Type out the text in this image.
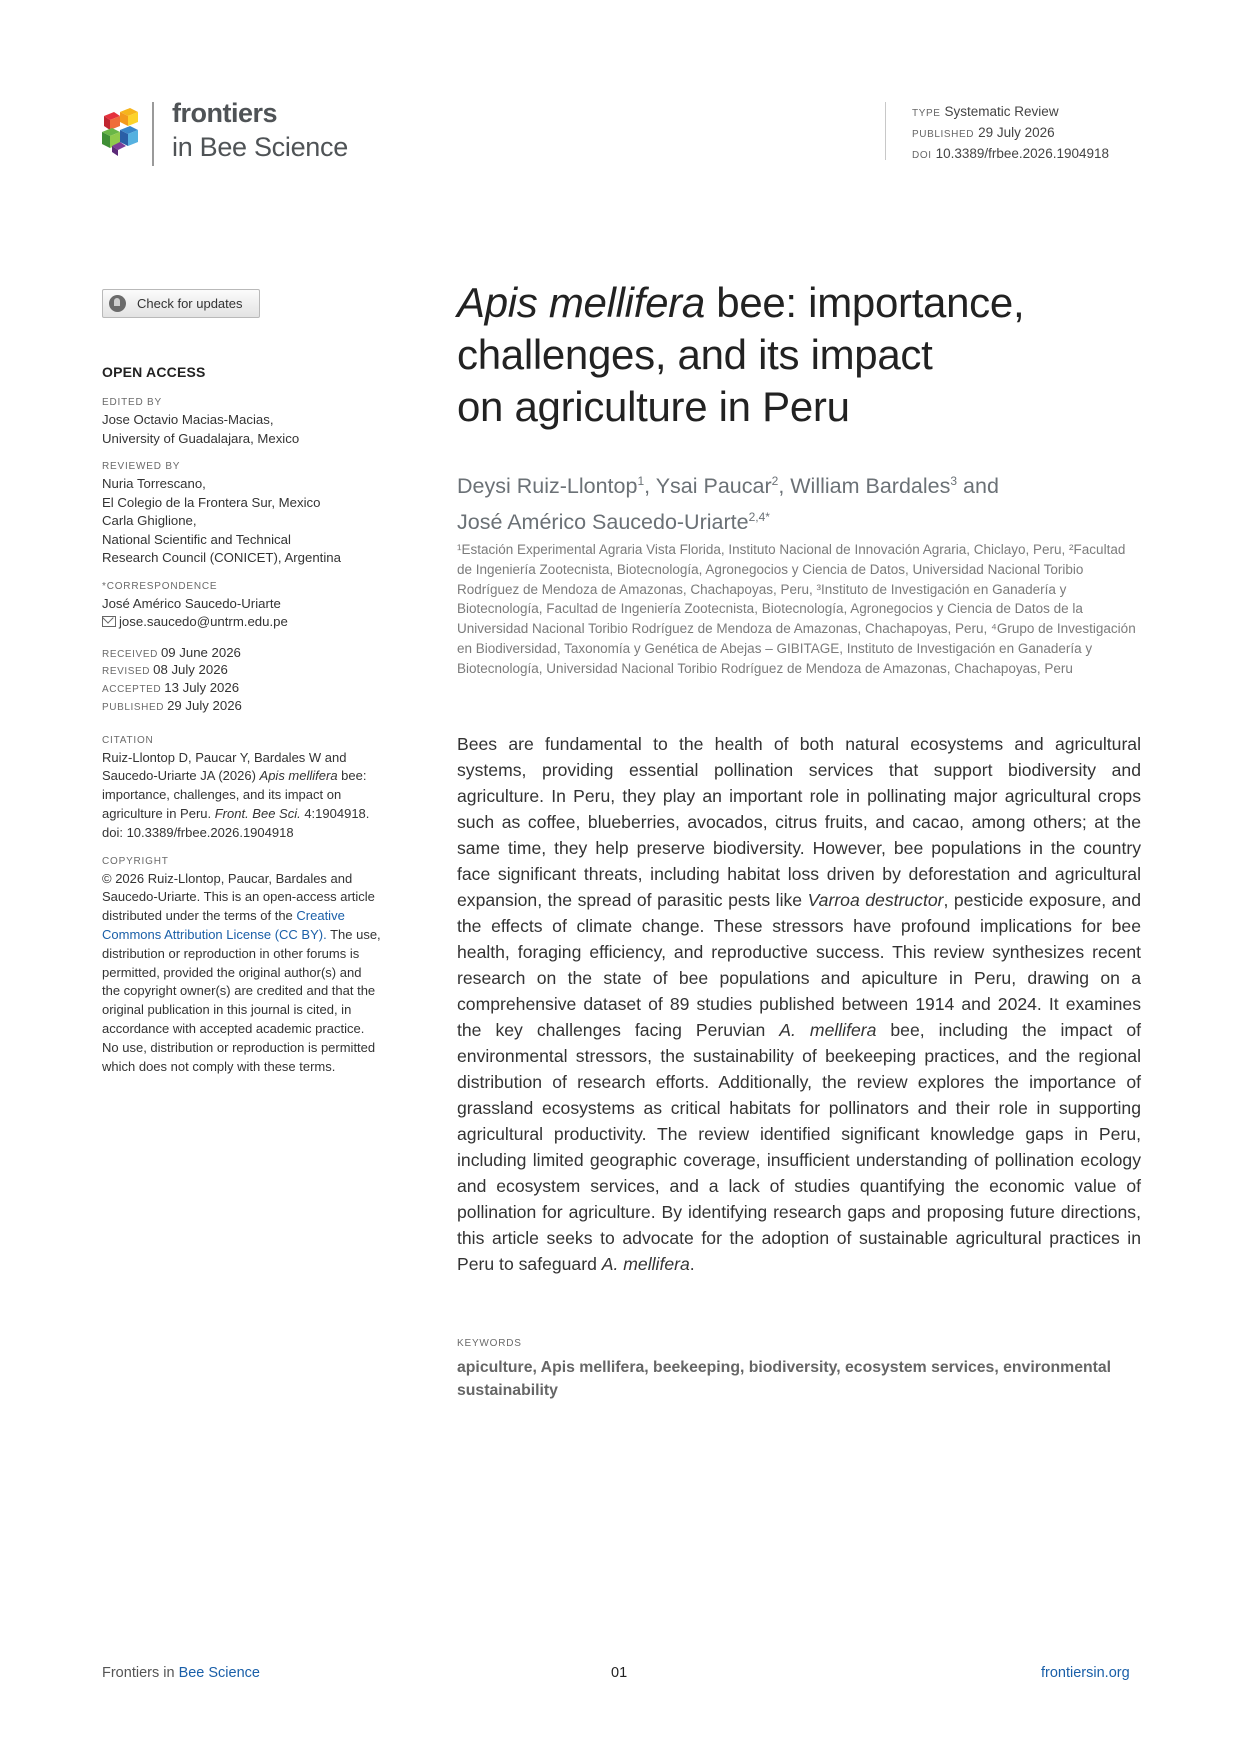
frontiers
in Bee Science
TYPE Systematic Review
PUBLISHED 29 July 2026
DOI 10.3389/frbee.2026.1904918
Check for updates
OPEN ACCESS
EDITED BY
Jose Octavio Macias-Macias,
University of Guadalajara, Mexico
REVIEWED BY
Nuria Torrescano,
El Colegio de la Frontera Sur, Mexico
Carla Ghiglione,
National Scientific and Technical
Research Council (CONICET), Argentina
*CORRESPONDENCE
José Américo Saucedo-Uriarte
jose.saucedo@untrm.edu.pe
RECEIVED 09 June 2026
REVISED 08 July 2026
ACCEPTED 13 July 2026
PUBLISHED 29 July 2026
CITATION
Ruiz-Llontop D, Paucar Y, Bardales W and Saucedo-Uriarte JA (2026) Apis mellifera bee: importance, challenges, and its impact on agriculture in Peru. Front. Bee Sci. 4:1904918.
doi: 10.3389/frbee.2026.1904918
COPYRIGHT
© 2026 Ruiz-Llontop, Paucar, Bardales and Saucedo-Uriarte. This is an open-access article distributed under the terms of the Creative Commons Attribution License (CC BY). The use, distribution or reproduction in other forums is permitted, provided the original author(s) and the copyright owner(s) are credited and that the original publication in this journal is cited, in accordance with accepted academic practice. No use, distribution or reproduction is permitted which does not comply with these terms.
Apis mellifera bee: importance,
challenges, and its impact
on agriculture in Peru
Deysi Ruiz-Llontop$^1$, Ysai Paucar$^2$, William Bardales$^3$ and
José Américo Saucedo-Uriarte$^{2,4*}$
¹Estación Experimental Agraria Vista Florida, Instituto Nacional de Innovación Agraria, Chiclayo, Peru, ²Facultad de Ingeniería Zootecnista, Biotecnología, Agronegocios y Ciencia de Datos, Universidad Nacional Toribio Rodríguez de Mendoza de Amazonas, Chachapoyas, Peru, ³Instituto de Investigación en Ganadería y Biotecnología, Facultad de Ingeniería Zootecnista, Biotecnología, Agronegocios y Ciencia de Datos de la Universidad Nacional Toribio Rodríguez de Mendoza de Amazonas, Chachapoyas, Peru, ⁴Grupo de Investigación en Biodiversidad, Taxonomía y Genética de Abejas – GIBITAGE, Instituto de Investigación en Ganadería y Biotecnología, Universidad Nacional Toribio Rodríguez de Mendoza de Amazonas, Chachapoyas, Peru
Bees are fundamental to the health of both natural ecosystems and agricultural systems, providing essential pollination services that support biodiversity and agriculture. In Peru, they play an important role in pollinating major agricultural crops such as coffee, blueberries, avocados, citrus fruits, and cacao, among others; at the same time, they help preserve biodiversity. However, bee populations in the country face significant threats, including habitat loss driven by deforestation and agricultural expansion, the spread of parasitic pests like Varroa destructor, pesticide exposure, and the effects of climate change. These stressors have profound implications for bee health, foraging efficiency, and reproductive success. This review synthesizes recent research on the state of bee populations and apiculture in Peru, drawing on a comprehensive dataset of 89 studies published between 1914 and 2024. It examines the key challenges facing Peruvian A. mellifera bee, including the impact of environmental stressors, the sustainability of beekeeping practices, and the regional distribution of research efforts. Additionally, the review explores the importance of grassland ecosystems as critical habitats for pollinators and their role in supporting agricultural productivity. The review identified significant knowledge gaps in Peru, including limited geographic coverage, insufficient understanding of pollination ecology and ecosystem services, and a lack of studies quantifying the economic value of pollination for agriculture. By identifying research gaps and proposing future directions, this article seeks to advocate for the adoption of sustainable agricultural practices in Peru to safeguard A. mellifera.
KEYWORDS
apiculture, Apis mellifera, beekeeping, biodiversity, ecosystem services, environmental sustainability
Frontiers in Bee Science	01	frontiersin.org
